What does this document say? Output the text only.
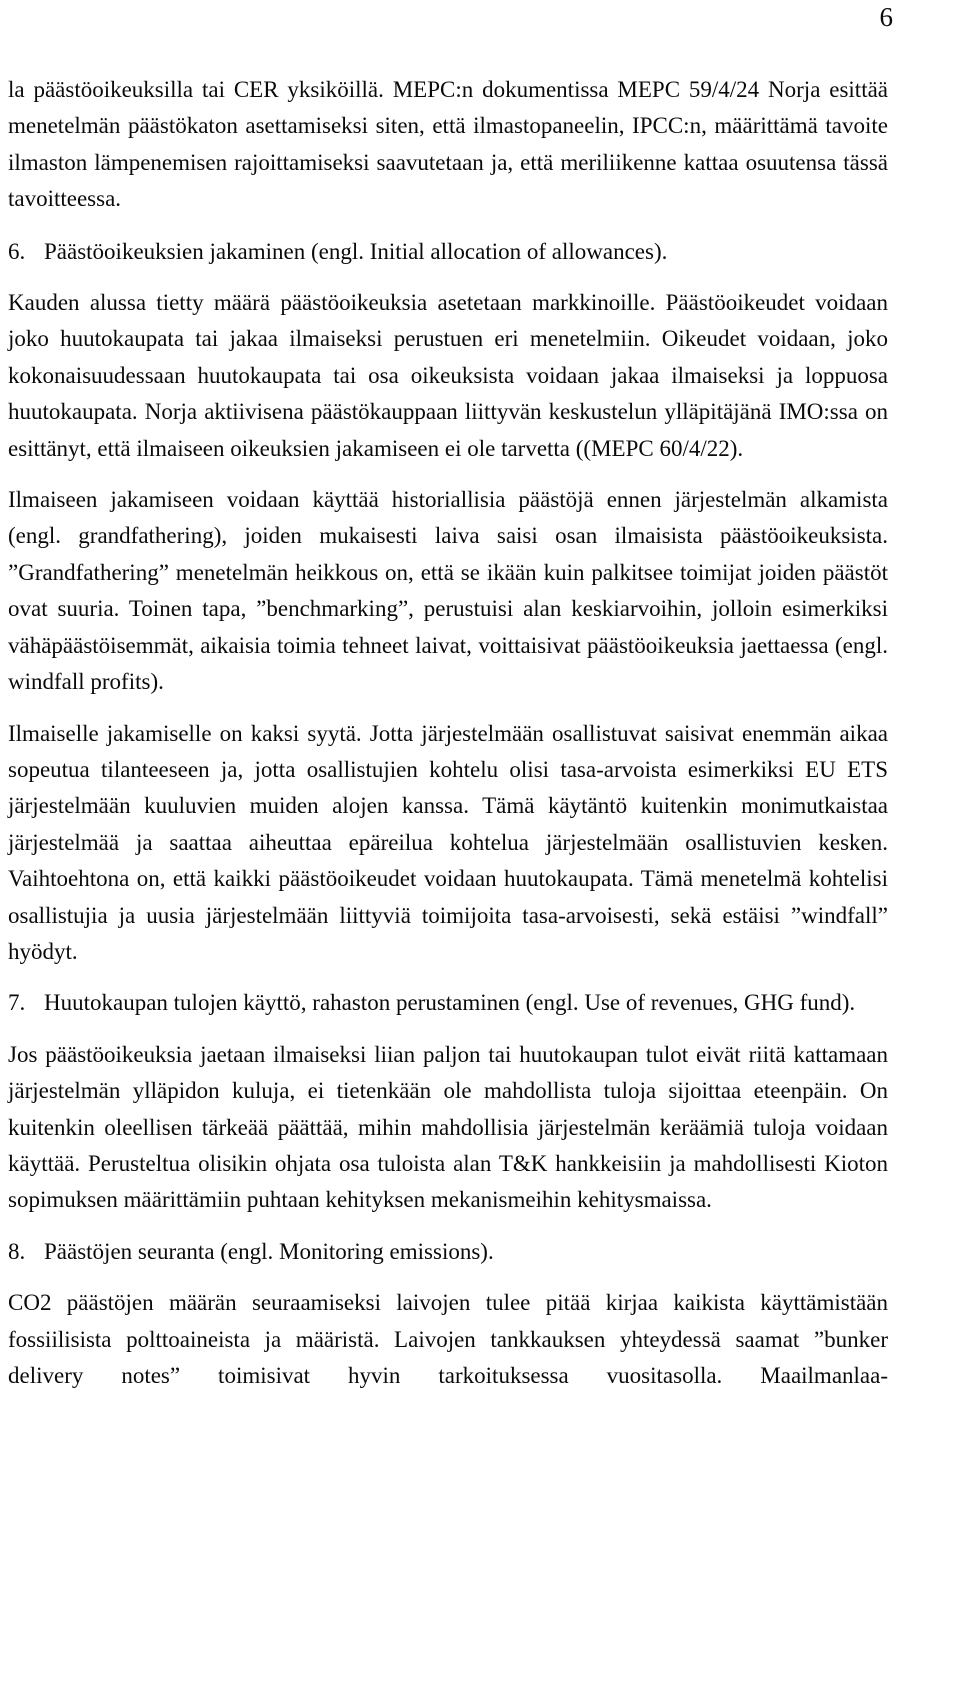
6

la päästöoikeuksilla tai CER yksiköillä. MEPC:n dokumentissa MEPC 59/4/24 Norja esittää menetelmän päästökaton asettamiseksi siten, että ilmastopaneelin, IPCC:n, määrittämä tavoite ilmaston lämpenemisen rajoittamiseksi saavutetaan ja, että meriliikenne kattaa osuutensa tässä tavoitteessa.

6. Päästöoikeuksien jakaminen (engl. Initial allocation of allowances).

Kauden alussa tietty määrä päästöoikeuksia asetetaan markkinoille. Päästöoikeudet voidaan joko huutokaupata tai jakaa ilmaiseksi perustuen eri menetelmiin. Oikeudet voidaan, joko kokonaisuudessaan huutokaupata tai osa oikeuksista voidaan jakaa ilmaiseksi ja loppuosa huutokaupata. Norja aktiivisena päästökauppaan liittyvän keskustelun ylläpitäjänä IMO:ssa on esittänyt, että ilmaiseen oikeuksien jakamiseen ei ole tarvetta ((MEPC 60/4/22).

Ilmaiseen jakamiseen voidaan käyttää historiallisia päästöjä ennen järjestelmän alkamista (engl. grandfathering), joiden mukaisesti laiva saisi osan ilmaisista päästöoikeuksista. ”Grandfathering” menetelmän heikkous on, että se ikään kuin palkitsee toimijat joiden päästöt ovat suuria. Toinen tapa, ”benchmarking”, perustuisi alan keskiarvoihin, jolloin esimerkiksi vähäpäästöisemmät, aikaisia toimia tehneet laivat, voittaisivat päästöoikeuksia jaettaessa (engl. windfall profits).

Ilmaiselle jakamiselle on kaksi syytä. Jotta järjestelmään osallistuvat saisivat enemmän aikaa sopeutua tilanteeseen ja, jotta osallistujien kohtelu olisi tasa-arvoista esimerkiksi EU ETS järjestelmään kuuluvien muiden alojen kanssa. Tämä käytäntö kuitenkin monimutkaistaa järjestelmää ja saattaa aiheuttaa epäreilua kohtelua järjestelmään osallistuvien kesken. Vaihtoehtona on, että kaikki päästöoikeudet voidaan huutokaupata. Tämä menetelmä kohtelisi osallistujia ja uusia järjestelmään liittyviä toimijoita tasa-arvoisesti, sekä estäisi ”windfall” hyödyt.

7. Huutokaupan tulojen käyttö, rahaston perustaminen (engl. Use of revenues, GHG fund).

Jos päästöoikeuksia jaetaan ilmaiseksi liian paljon tai huutokaupan tulot eivät riitä kattamaan järjestelmän ylläpidon kuluja, ei tietenkään ole mahdollista tuloja sijoittaa eteenpäin. On kuitenkin oleellisen tärkeää päättää, mihin mahdollisia järjestelmän keräämiä tuloja voidaan käyttää. Perusteltua olisikin ohjata osa tuloista alan T&K hankkeisiin ja mahdollisesti Kioton sopimuksen määrittämiin puhtaan kehityksen mekanismeihin kehitysmaissa.

8. Päästöjen seuranta (engl. Monitoring emissions).

CO2 päästöjen määrän seuraamiseksi laivojen tulee pitää kirjaa kaikista käyttämistään fossiilisista polttoaineista ja määristä. Laivojen tankkauksen yhteydessä saamat ”bunker delivery notes” toimisivat hyvin tarkoituksessa vuositasolla. Maailmanlaa-
